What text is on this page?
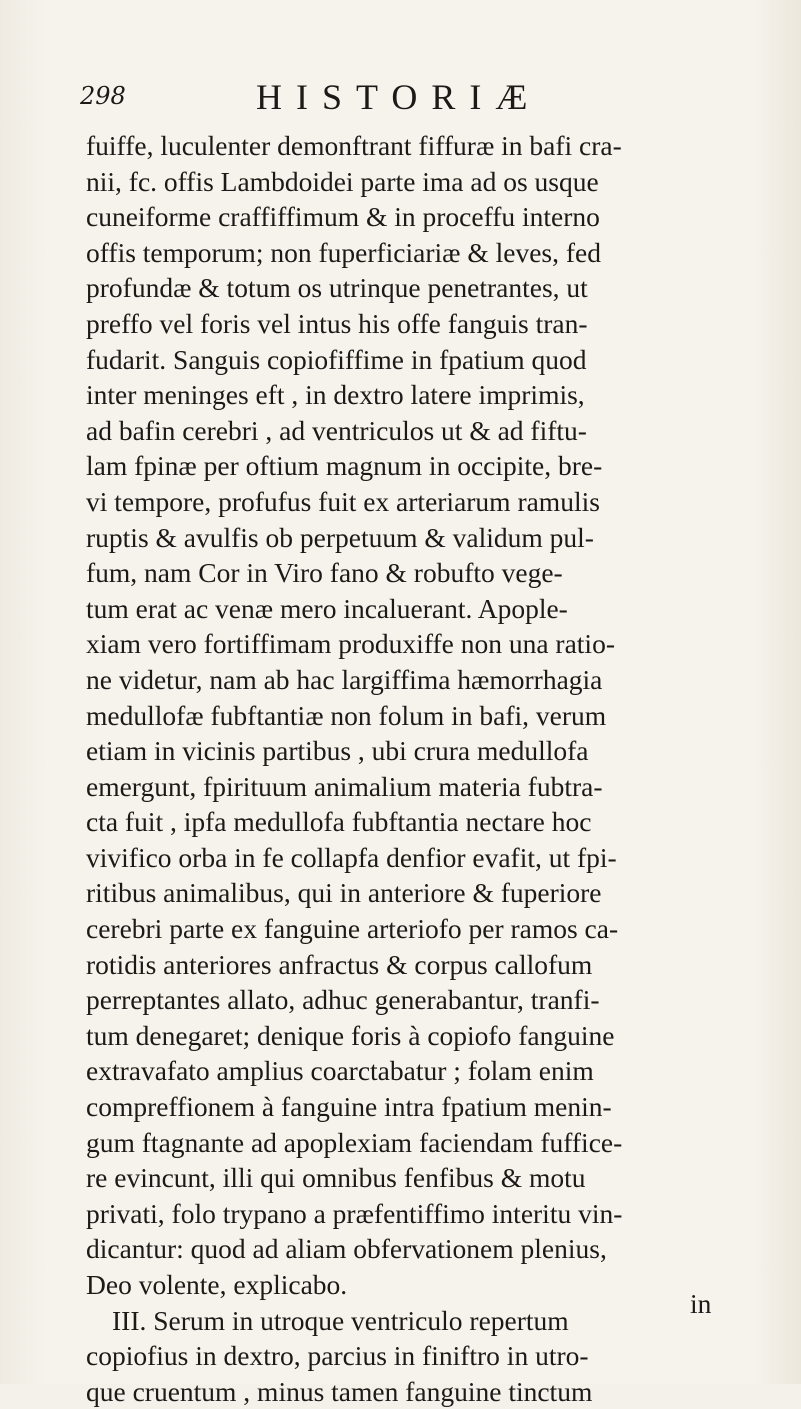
298	HISTORIÆ
fuiffe, luculenter demonftrant fiffuræ in bafi cra-
nii, fc. offis Lambdoidei parte ima ad os usque
cuneiforme craffiffimum & in proceffu interno
offis temporum; non fuperficiariæ & leves, fed
profundæ & totum os utrinque penetrantes, ut
preffo vel foris vel intus his offe fanguis tran-
fudarit. Sanguis copiofiffime in fpatium quod
inter meninges eft , in dextro latere imprimis,
ad bafin cerebri , ad ventriculos ut & ad fiftu-
lam fpinæ per oftium magnum in occipite, bre-
vi tempore, profufus fuit ex arteriarum ramulis
ruptis & avulfis ob perpetuum & validum pul-
fum, nam Cor in Viro fano & robufto vege-
tum erat ac venæ mero incaluerant. Apople-
xiam vero fortiffimam produxiffe non una ratio-
ne videtur, nam ab hac largiffima hæmorrhagia
medullofæ fubftantiæ non folum in bafi, verum
etiam in vicinis partibus , ubi crura medullofa
emergunt, fpirituum animalium materia fubtra-
cta fuit , ipfa medullofa fubftantia nectare hoc
vivifico orba in fe collapfa denfior evafit, ut fpi-
ritibus animalibus, qui in anteriore & fuperiore
cerebri parte ex fanguine arteriofo per ramos ca-
rotidis anteriores anfractus & corpus callofum
perreptantes allato, adhuc generabantur, tranfi-
tum denegaret; denique foris à copiofo fanguine
extravafato amplius coarctabatur ; folam enim
compreffionem à fanguine intra fpatium menin-
gum ftagnante ad apoplexiam faciendam fuffice-
re evincunt, illi qui omnibus fenfibus & motu
privati, folo trypano a præfentiffimo interitu vin-
dicantur: quod ad aliam obfervationem plenius,
Deo volente, explicabo.
III. Serum in utroque ventriculo repertum
copiofius in dextro, parcius in finiftro in utro-
que cruentum , minus tamen fanguine tinctum
in
